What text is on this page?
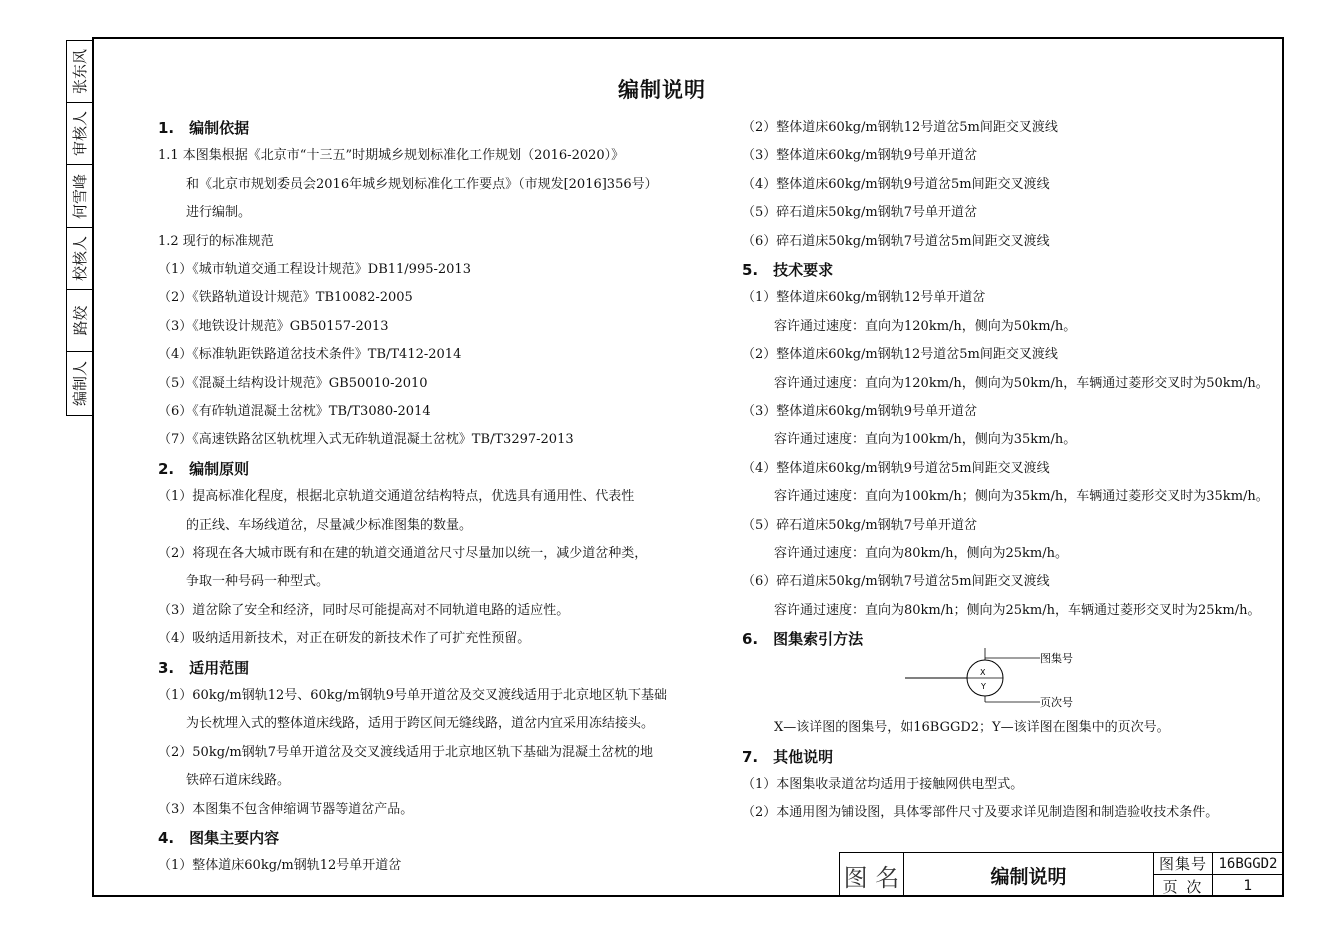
张东风
审核人
何雪峰
校核人
路姣
编制人
编制说明
1.　编制依据
1.1 本图集根据《北京市“十三五”时期城乡规划标准化工作规划（2016-2020）》
和《北京市规划委员会2016年城乡规划标准化工作要点》（市规发[2016]356号）
进行编制。
1.2 现行的标准规范
（1）《城市轨道交通工程设计规范》DB11/995-2013
（2）《铁路轨道设计规范》TB10082-2005
（3）《地铁设计规范》GB50157-2013
（4）《标准轨距铁路道岔技术条件》TB/T412-2014
（5）《混凝土结构设计规范》GB50010-2010
（6）《有砟轨道混凝土岔枕》TB/T3080-2014
（7）《高速铁路岔区轨枕埋入式无砟轨道混凝土岔枕》TB/T3297-2013
2.　编制原则
（1）提高标准化程度，根据北京轨道交通道岔结构特点，优选具有通用性、代表性
的正线、车场线道岔，尽量减少标准图集的数量。
（2）将现在各大城市既有和在建的轨道交通道岔尺寸尽量加以统一，减少道岔种类，
争取一种号码一种型式。
（3）道岔除了安全和经济，同时尽可能提高对不同轨道电路的适应性。
（4）吸纳适用新技术，对正在研发的新技术作了可扩充性预留。
3.　适用范围
（1）60kg/m钢轨12号、60kg/m钢轨9号单开道岔及交叉渡线适用于北京地区轨下基础
为长枕埋入式的整体道床线路，适用于跨区间无缝线路，道岔内宜采用冻结接头。
（2）50kg/m钢轨7号单开道岔及交叉渡线适用于北京地区轨下基础为混凝土岔枕的地
铁碎石道床线路。
（3）本图集不包含伸缩调节器等道岔产品。
4.　图集主要内容
（1）整体道床60kg/m钢轨12号单开道岔
（2）整体道床60kg/m钢轨12号道岔5m间距交叉渡线
（3）整体道床60kg/m钢轨9号单开道岔
（4）整体道床60kg/m钢轨9号道岔5m间距交叉渡线
（5）碎石道床50kg/m钢轨7号单开道岔
（6）碎石道床50kg/m钢轨7号道岔5m间距交叉渡线
5.　技术要求
（1）整体道床60kg/m钢轨12号单开道岔
容许通过速度：直向为120km/h，侧向为50km/h。
（2）整体道床60kg/m钢轨12号道岔5m间距交叉渡线
容许通过速度：直向为120km/h，侧向为50km/h，车辆通过菱形交叉时为50km/h。
（3）整体道床60kg/m钢轨9号单开道岔
容许通过速度：直向为100km/h，侧向为35km/h。
（4）整体道床60kg/m钢轨9号道岔5m间距交叉渡线
容许通过速度：直向为100km/h；侧向为35km/h，车辆通过菱形交叉时为35km/h。
（5）碎石道床50kg/m钢轨7号单开道岔
容许通过速度：直向为80km/h，侧向为25km/h。
（6）碎石道床50kg/m钢轨7号道岔5m间距交叉渡线
容许通过速度：直向为80km/h；侧向为25km/h，车辆通过菱形交叉时为25km/h。
6.　图集索引方法
X—该详图的图集号，如16BGGD2；Y—该详图在图集中的页次号。
7.　其他说明
（1）本图集收录道岔均适用于接触网供电型式。
（2）本通用图为铺设图，具体零部件尺寸及要求详见制造图和制造验收技术条件。
X
Y
图集号
页次号
图 名	编制说明
图集号 16BGGD2
页 次	1
